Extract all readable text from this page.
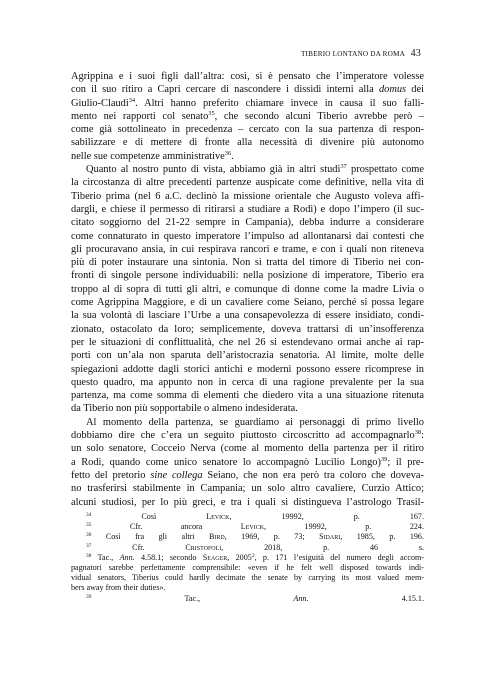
TIBERIO LONTANO DA ROMA 43
Agrippina e i suoi figli dall’altra: così, si è pensato che l’imperatore volesse
con il suo ritiro a Capri cercare di nascondere i dissidi interni alla domus dei
Giulio-Claudi$^{34}$. Altri hanno preferito chiamare invece in causa il suo falli-
mento nei rapporti col senato$^{35}$, che secondo alcuni Tiberio avrebbe però –
come già sottolineato in precedenza – cercato con la sua partenza di respon-
sabilizzare e di mettere di fronte alla necessità di divenire più autonomo
nelle sue competenze amministrative$^{36}$.
Quanto al nostro punto di vista, abbiamo già in altri studi$^{37}$ prospettato come
la circostanza di altre precedenti partenze auspicate come definitive, nella vita di
Tiberio prima (nel 6 a.C. declinò la missione orientale che Augusto voleva affi-
dargli, e chiese il permesso di ritirarsi a studiare a Rodi) e dopo l’impero (il suc-
citato soggiorno del 21-22 sempre in Campania), debba indurre a considerare
come connaturato in questo imperatore l’impulso ad allontanarsi dai contesti che
gli procuravano ansia, in cui respirava rancori e trame, e con i quali non riteneva
più di poter instaurare una sintonia. Non si tratta del timore di Tiberio nei con-
fronti di singole persone individuabili: nella posizione di imperatore, Tiberio era
troppo al di sopra di tutti gli altri, e comunque di donne come la madre Livia o
come Agrippina Maggiore, e di un cavaliere come Seiano, perché si possa legare
la sua volontà di lasciare l’Urbe a una consapevolezza di essere insidiato, condi-
zionato, ostacolato da loro; semplicemente, doveva trattarsi di un’insofferenza
per le situazioni di conflittualità, che nel 26 si estendevano ormai anche ai rap-
porti con un’ala non sparuta dell’aristocrazia senatoria. Al limite, molte delle
spiegazioni addotte dagli storici antichi e moderni possono essere ricomprese in
questo quadro, ma appunto non in cerca di una ragione prevalente per la sua
partenza, ma come somma di elementi che diedero vita a una situazione ritenuta
da Tiberio non più sopportabile o almeno indesiderata.
Al momento della partenza, se guardiamo ai personaggi di primo livello
dobbiamo dire che c’era un seguito piuttosto circoscritto ad accompagnarlo$^{38}$:
un solo senatore, Cocceio Nerva (come al momento della partenza per il ritiro
a Rodi, quando come unico senatore lo accompagnò Lucilio Longo)$^{39}$; il pre-
fetto del pretorio sine collega Seiano, che non era però tra coloro che doveva-
no trasferirsi stabilmente in Campania; un solo altro cavaliere, Curzio Attico;
alcuni studiosi, per lo più greci, e tra i quali si distingueva l’astrologo Trasil-
$^{34}$ Così Levick, 19992, p. 167.
$^{35}$ Cfr. ancora Levick, 19992, p. 224.
$^{36}$ Così fra gli altri Bird, 1969, p. 73; Sidari, 1985, p. 196.
$^{37}$ Cfr. Cristofoli, 2018, p. 46 s.
$^{38}$ Tac., Ann. 4.58.1; secondo Seager, 2005$^2$, p. 171 l’esiguità del numero degli accom-
pagnatori sarebbe perfettamente comprensibile: «even if he felt well disposed towards indi-
vidual senators, Tiberius could hardly decimate the senate by carrying its most valued mem-
bers away from their duties».
$^{39}$ Tac., Ann. 4.15.1.
